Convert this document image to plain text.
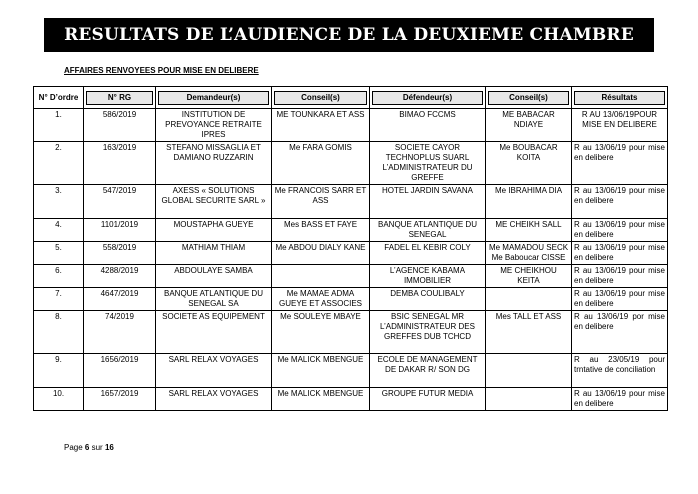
RESULTATS DE L’AUDIENCE DE LA DEUXIEME CHAMBRE
AFFAIRES RENVOYEES POUR MISE EN DELIBERE
N° D’ordre	N° RG	Demandeur(s)	Conseil(s)	Défendeur(s)	Conseil(s)	Résultats

1.	586/2019	INSTITUTION DE PREVOYANCE RETRAITE IPRES	ME TOUNKARA ET ASS	BIMAO FCCMS	ME BABACAR NDIAYE	R AU 13/06/19POUR MISE EN DELIBERE
2.	163/2019	STEFANO MISSAGLIA ET DAMIANO RUZZARIN	Me FARA GOMIS	SOCIETE CAYOR TECHNOPLUS SUARL L’ADMINISTRATEUR DU GREFFE	Me BOUBACAR KOITA	R au 13/06/19 pour mise en delibere
3.	547/2019	AXESS « SOLUTIONS GLOBAL SECURITE SARL »	Me FRANCOIS SARR ET ASS	HOTEL JARDIN SAVANA	Me IBRAHIMA DIA	R au 13/06/19 pour mise en delibere
4.	1101/2019	MOUSTAPHA GUEYE	Mes BASS ET FAYE	BANQUE ATLANTIQUE DU SENEGAL	ME CHEIKH SALL	R au 13/06/19 pour mise en delibere
5.	558/2019	MATHIAM THIAM	Me ABDOU DIALY KANE	FADEL EL KEBIR COLY	Me MAMADOU SECK Me Baboucar CISSE	R au 13/06/19 pour mise en delibere
6.	4288/2019	ABDOULAYE SAMBA		L’AGENCE KABAMA IMMOBILIER	ME CHEIKHOU KEITA	R au 13/06/19 pour mise en delibere
7.	4647/2019	BANQUE ATLANTIQUE DU SENEGAL SA	Me MAMAE ADMA GUEYE ET ASSOCIES	DEMBA COULIBALY		R au 13/06/19 pour mise en delibere
8.	74/2019	SOCIETE AS EQUIPEMENT	Me SOULEYE MBAYE	BSIC SENEGAL MR L’ADMINISTRATEUR DES GREFFES DUB TCHCD	Mes TALL ET ASS	R au 13/06/19 por mise en delibere
9.	1656/2019	SARL RELAX VOYAGES	Me MALICK MBENGUE	ECOLE DE MANAGEMENT DE DAKAR R/ SON DG		R au 23/05/19 pour trntative de conciliation
10.	1657/2019	SARL RELAX VOYAGES	Me MALICK MBENGUE	GROUPE FUTUR MEDIA		R au 13/06/19 pour mise en delibere
Page 6 sur 16
